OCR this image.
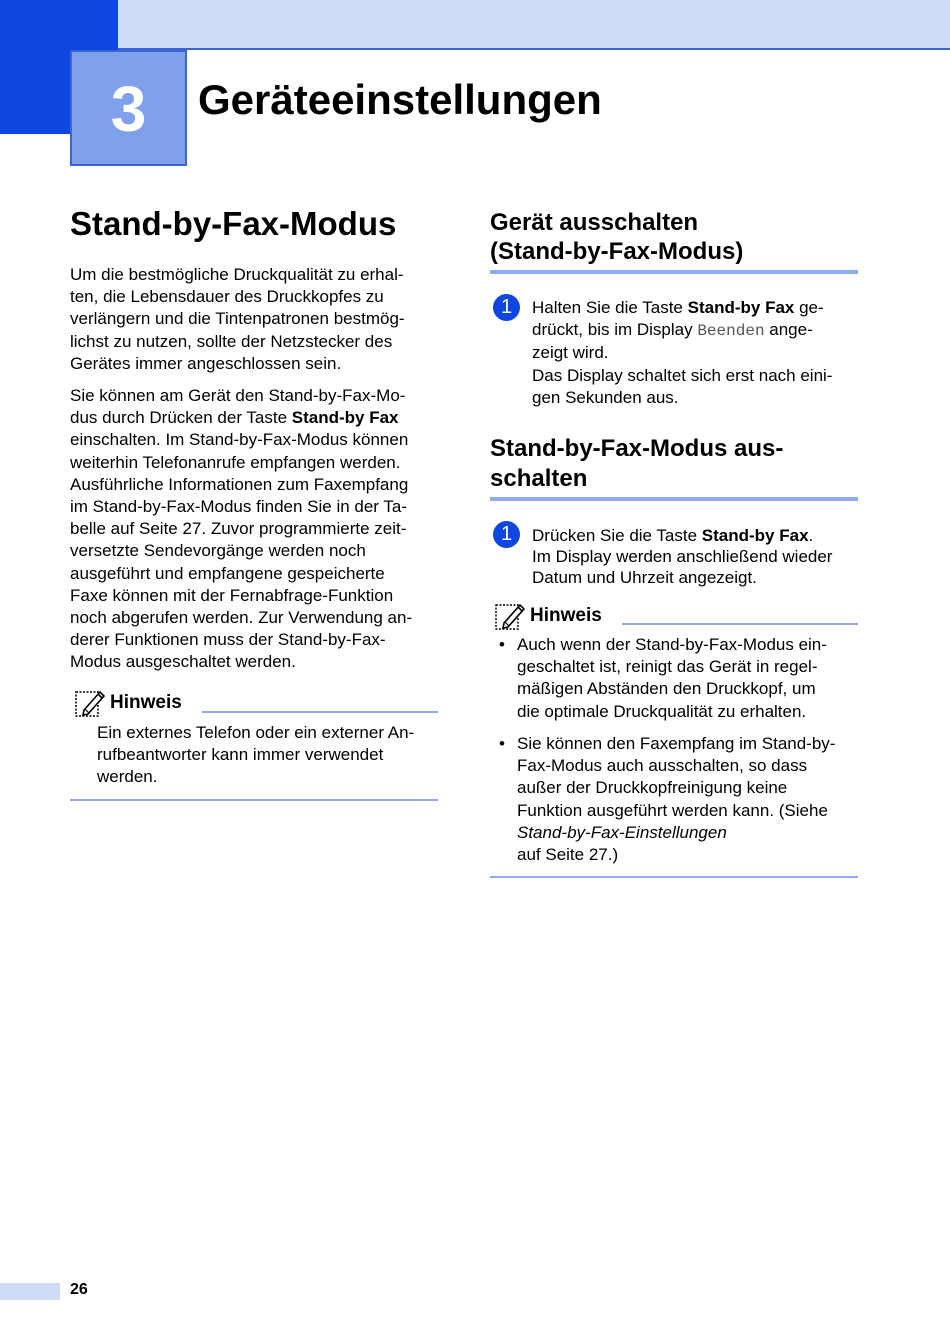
3	Geräteeinstellungen
Stand-by-Fax-Modus
Um die bestmögliche Druckqualität zu erhal-
ten, die Lebensdauer des Druckkopfes zu
verlängern und die Tintenpatronen bestmög-
lichst zu nutzen, sollte der Netzstecker des
Gerätes immer angeschlossen sein.
Sie können am Gerät den Stand-by-Fax-Mo-
dus durch Drücken der Taste Stand-by Fax
einschalten. Im Stand-by-Fax-Modus können
weiterhin Telefonanrufe empfangen werden.
Ausführliche Informationen zum Faxempfang
im Stand-by-Fax-Modus finden Sie in der Ta-
belle auf Seite 27. Zuvor programmierte zeit-
versetzte Sendevorgänge werden noch
ausgeführt und empfangene gespeicherte
Faxe können mit der Fernabfrage-Funktion
noch abgerufen werden. Zur Verwendung an-
derer Funktionen muss der Stand-by-Fax-
Modus ausgeschaltet werden.
Hinweis
Ein externes Telefon oder ein externer An-
rufbeantworter kann immer verwendet
werden.
Gerät ausschalten
(Stand-by-Fax-Modus)
1	Halten Sie die Taste Stand-by Fax ge-
drückt, bis im Display Beenden ange-
zeigt wird.
Das Display schaltet sich erst nach eini-
gen Sekunden aus.
Stand-by-Fax-Modus aus-
schalten
1	Drücken Sie die Taste Stand-by Fax.
Im Display werden anschließend wieder
Datum und Uhrzeit angezeigt.
Hinweis
• Auch wenn der Stand-by-Fax-Modus ein-
geschaltet ist, reinigt das Gerät in regel-
mäßigen Abständen den Druckkopf, um
die optimale Druckqualität zu erhalten.
• Sie können den Faxempfang im Stand-by-
Fax-Modus auch ausschalten, so dass
außer der Druckkopfreinigung keine
Funktion ausgeführt werden kann. (Siehe
Stand-by-Fax-Einstellungen
auf Seite 27.)
26
